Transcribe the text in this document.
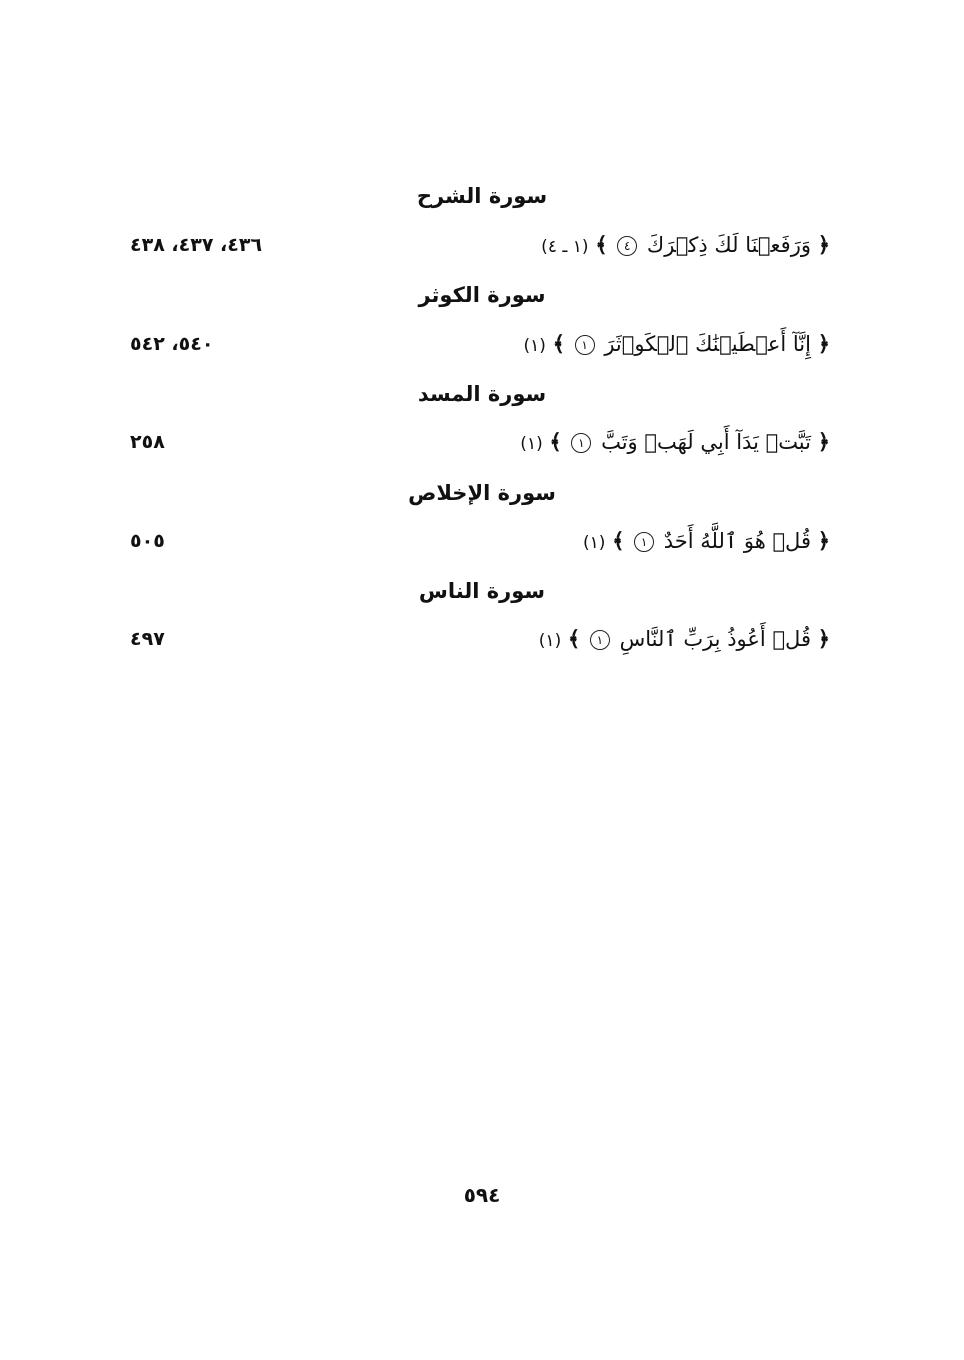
سورة الشرح
﴿ وَرَفَعۡنَا لَكَ ذِكۡرَكَ ٤ ﴾ (١ ـ ٤)
٤٣٦، ٤٣٧، ٤٣٨
سورة الكوثر
﴿ إِنَّآ أَعۡطَيۡنَٰكَ ٱلۡكَوۡثَرَ ١ ﴾ (١)
٥٤٠، ٥٤٢
سورة المسد
﴿ تَبَّتۡ يَدَآ أَبِي لَهَبٖ وَتَبَّ ١ ﴾ (١)
٢٥٨
سورة الإخلاص
﴿ قُلۡ هُوَ ٱللَّهُ أَحَدٌ ١ ﴾ (١)
٥٠٥
سورة الناس
﴿ قُلۡ أَعُوذُ بِرَبِّ ٱلنَّاسِ ١ ﴾ (١)
٤٩٧
٥٩٤
